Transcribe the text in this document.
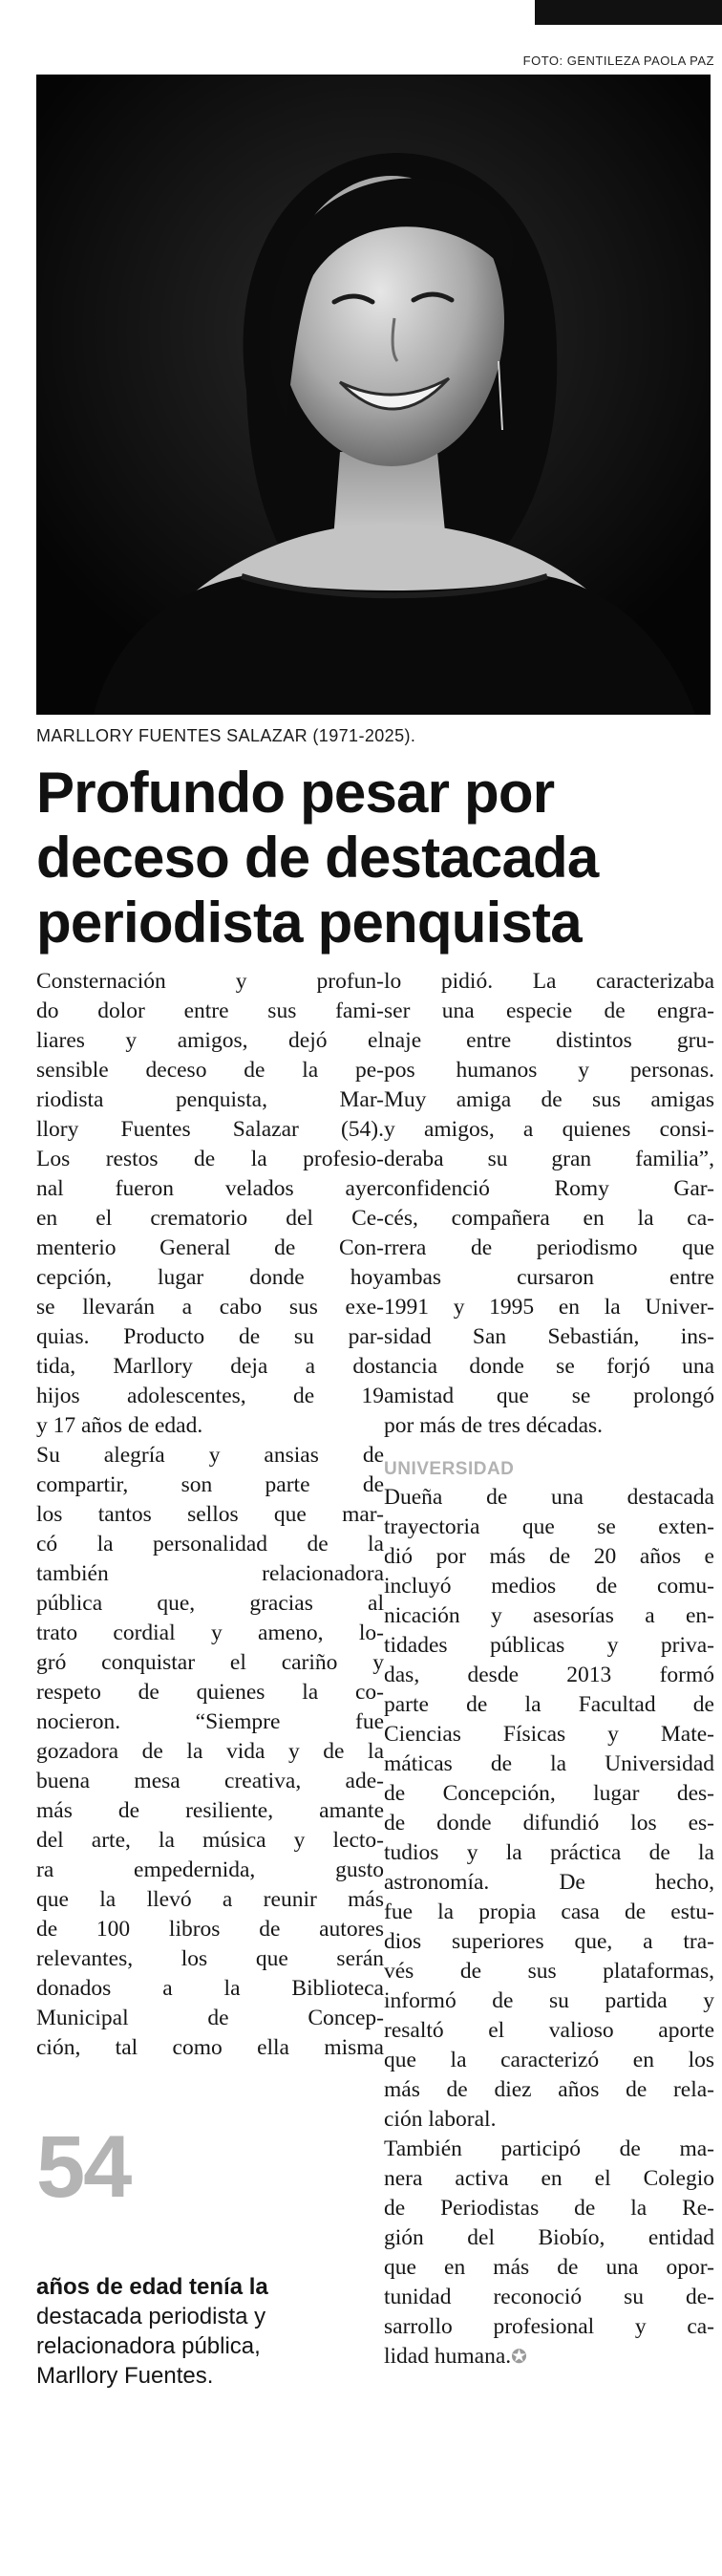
FOTO: GENTILEZA PAOLA PAZ
MARLLORY FUENTES SALAZAR (1971-2025).
Profundo pesar por
deceso de destacada
periodista penquista
Consternación y profun-
do dolor entre sus fami-
liares y amigos, dejó el
sensible deceso de la pe-
riodista penquista, Mar-
llory Fuentes Salazar (54).
Los restos de la profesio-
nal fueron velados ayer
en el crematorio del Ce-
menterio General de Con-
cepción, lugar donde hoy
se llevarán a cabo sus exe-
quias. Producto de su par-
tida, Marllory deja a dos
hijos adolescentes, de 19
y 17 años de edad.
Su alegría y ansias de
compartir, son parte de
los tantos sellos que mar-
có la personalidad de la
también relacionadora
pública que, gracias al
trato cordial y ameno, lo-
gró conquistar el cariño y
respeto de quienes la co-
nocieron. “Siempre fue
gozadora de la vida y de la
buena mesa creativa, ade-
más de resiliente, amante
del arte, la música y lecto-
ra empedernida, gusto
que la llevó a reunir más
de 100 libros de autores
relevantes, los que serán
donados a la Biblioteca
Municipal de Concep-
ción, tal como ella misma
lo pidió. La caracterizaba
ser una especie de engra-
naje entre distintos gru-
pos humanos y personas.
Muy amiga de sus amigas
y amigos, a quienes consi-
deraba su gran familia”,
confidenció Romy Gar-
cés, compañera en la ca-
rrera de periodismo que
ambas cursaron entre
1991 y 1995 en la Univer-
sidad San Sebastián, ins-
tancia donde se forjó una
amistad que se prolongó
por más de tres décadas.
UNIVERSIDAD
Dueña de una destacada
trayectoria que se exten-
dió por más de 20 años e
incluyó medios de comu-
nicación y asesorías a en-
tidades públicas y priva-
das, desde 2013 formó
parte de la Facultad de
Ciencias Físicas y Mate-
máticas de la Universidad
de Concepción, lugar des-
de donde difundió los es-
tudios y la práctica de la
astronomía. De hecho,
fue la propia casa de estu-
dios superiores que, a tra-
vés de sus plataformas,
informó de su partida y
resaltó el valioso aporte
que la caracterizó en los
más de diez años de rela-
ción laboral.
También participó de ma-
nera activa en el Colegio
de Periodistas de la Re-
gión del Biobío, entidad
que en más de una opor-
tunidad reconoció su de-
sarrollo profesional y ca-
lidad humana.✪
54
años de edad tenía la
destacada periodista y
relacionadora pública,
Marllory Fuentes.
